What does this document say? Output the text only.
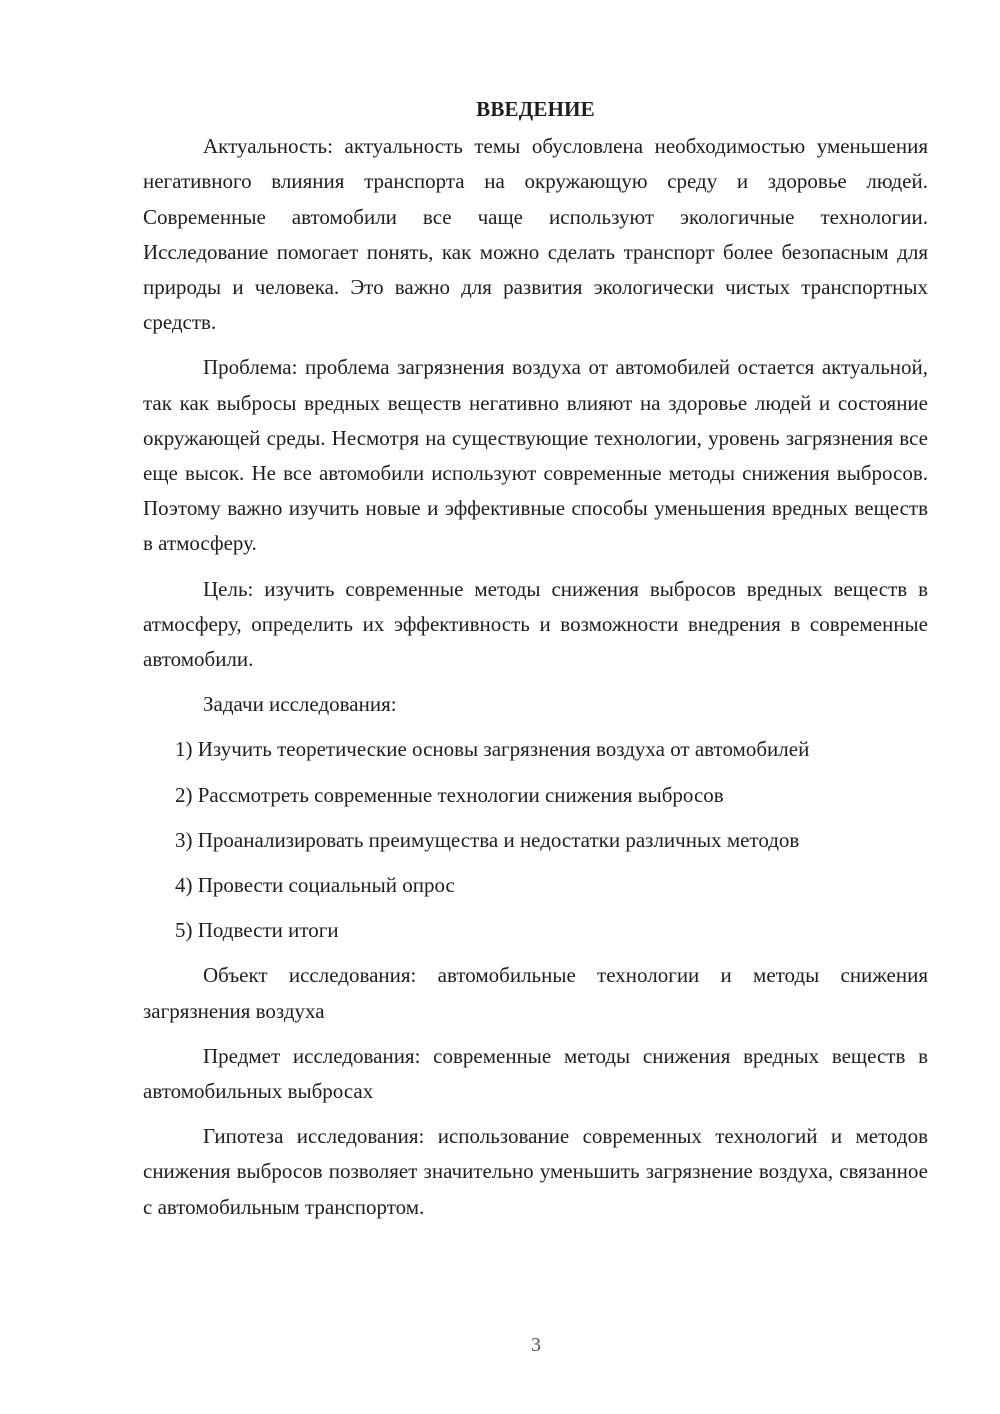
ВВЕДЕНИЕ

Актуальность: актуальность темы обусловлена необходимостью уменьшения негативного влияния транспорта на окружающую среду и здоровье людей. Современные автомобили все чаще используют экологичные технологии. Исследование помогает понять, как можно сделать транспорт более безопасным для природы и человека. Это важно для развития экологически чистых транспортных средств.

Проблема: проблема загрязнения воздуха от автомобилей остается актуальной, так как выбросы вредных веществ негативно влияют на здоровье людей и состояние окружающей среды. Несмотря на существующие технологии, уровень загрязнения все еще высок. Не все автомобили используют современные методы снижения выбросов. Поэтому важно изучить новые и эффективные способы уменьшения вредных веществ в атмосферу.

Цель: изучить современные методы снижения выбросов вредных веществ в атмосферу, определить их эффективность и возможности внедрения в современные автомобили.

Задачи исследования:

1) Изучить теоретические основы загрязнения воздуха от автомобилей
2) Рассмотреть современные технологии снижения выбросов
3) Проанализировать преимущества и недостатки различных методов
4) Провести социальный опрос
5) Подвести итоги

Объект исследования: автомобильные технологии и методы снижения загрязнения воздуха

Предмет исследования: современные методы снижения вредных веществ в автомобильных выбросах

Гипотеза исследования: использование современных технологий и методов снижения выбросов позволяет значительно уменьшить загрязнение воздуха, связанное с автомобильным транспортом.

3
